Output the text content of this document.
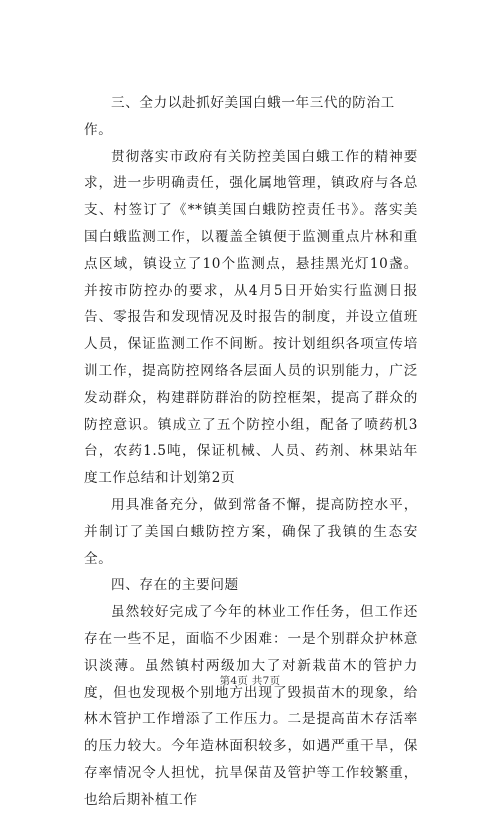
三、全力以赴抓好美国白蛾一年三代的防治工作。

贯彻落实市政府有关防控美国白蛾工作的精神要求，进一步明确责任，强化属地管理，镇政府与各总支、村签订了《**镇美国白蛾防控责任书》。落实美国白蛾监测工作，以覆盖全镇便于监测重点片林和重点区域，镇设立了10个监测点，悬挂黑光灯10盏。并按市防控办的要求，从4月5日开始实行监测日报告、零报告和发现情况及时报告的制度，并设立值班人员，保证监测工作不间断。按计划组织各项宣传培训工作，提高防控网络各层面人员的识别能力，广泛发动群众，构建群防群治的防控框架，提高了群众的防控意识。镇成立了五个防控小组，配备了喷药机3台，农药1.5吨，保证机械、人员、药剂、林果站年度工作总结和计划第2页

用具准备充分，做到常备不懈，提高防控水平，并制订了美国白蛾防控方案，确保了我镇的生态安全。

四、存在的主要问题

虽然较好完成了今年的林业工作任务，但工作还存在一些不足，面临不少困难：一是个别群众护林意识淡薄。虽然镇村两级加大了对新栽苗木的管护力度，但也发现极个别地方出现了毁损苗木的现象，给林木管护工作增添了工作压力。二是提高苗木存活率的压力较大。今年造林面积较多，如遇严重干旱，保存率情况令人担忧，抗旱保苗及管护等工作较繁重，也给后期补植工作

第4页 共7页
